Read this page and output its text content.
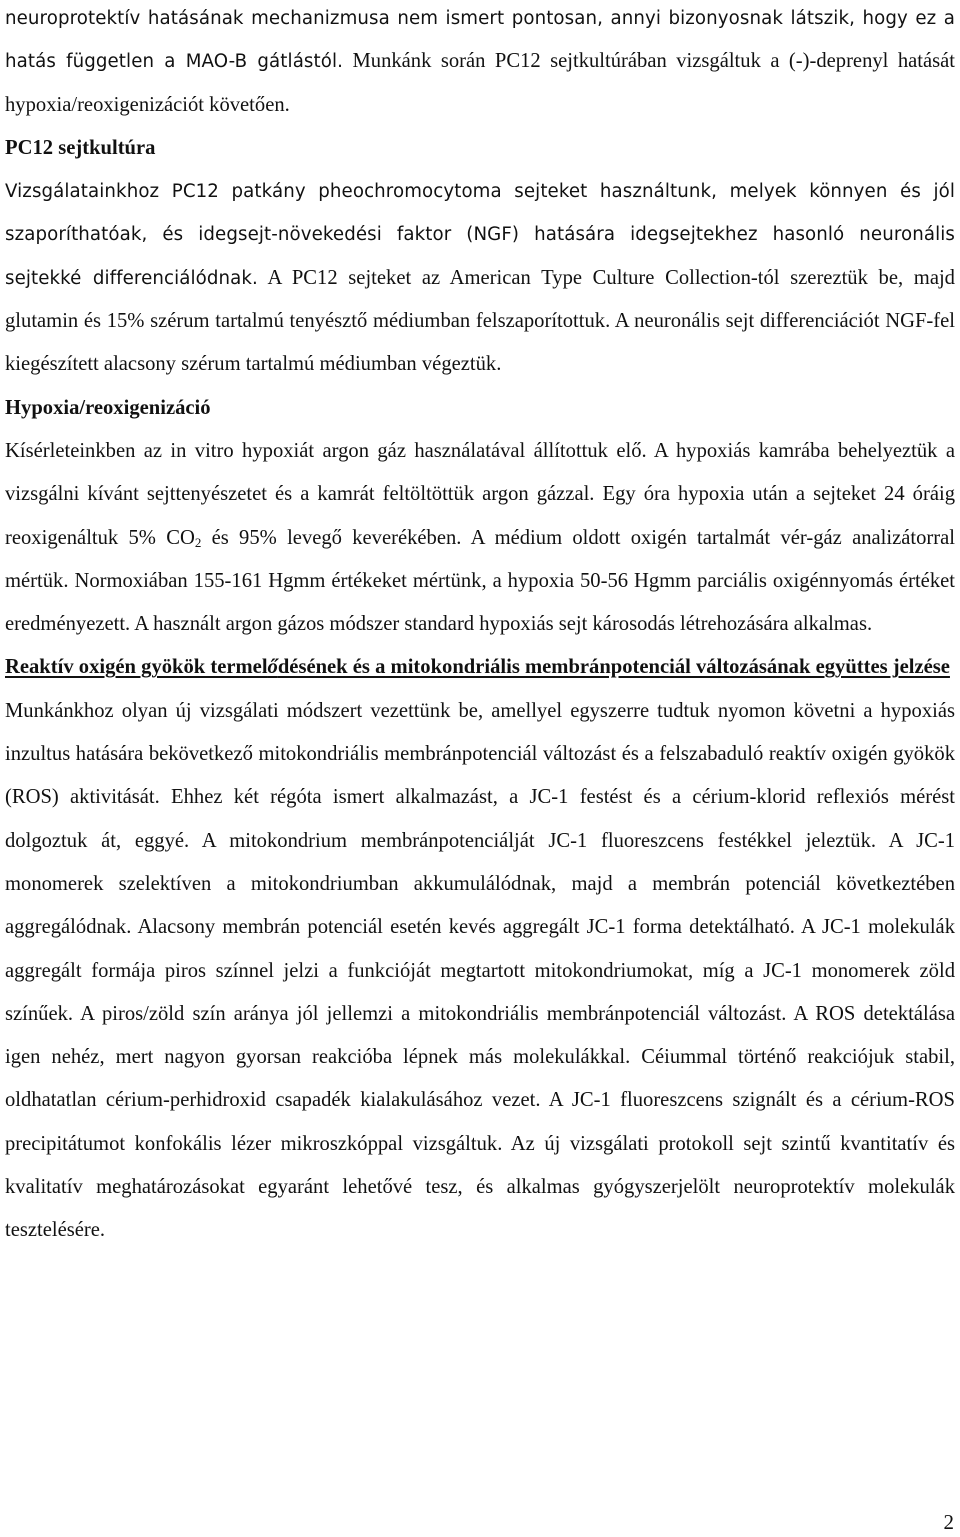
neuroprotektív hatásának mechanizmusa nem ismert pontosan, annyi bizonyosnak látszik, hogy ez a hatás független a MAO-B gátlástól. Munkánk során PC12 sejtkultúrában vizsgáltuk a (-)-deprenyl hatását hypoxia/reoxigenizációt követően.

PC12 sejtkultúra

Vizsgálatainkhoz PC12 patkány pheochromocytoma sejteket használtunk, melyek könnyen és jól szaporíthatóak, és idegsejt-növekedési faktor (NGF) hatására idegsejtekhez hasonló neuronális sejtekké differenciálódnak. A PC12 sejteket az American Type Culture Collection-tól szereztük be, majd glutamin és 15% szérum tartalmú tenyésztő médiumban felszaporítottuk. A neuronális sejt differenciációt NGF-fel kiegészített alacsony szérum tartalmú médiumban végeztük.

Hypoxia/reoxigenizáció

Kísérleteinkben az in vitro hypoxiát argon gáz használatával állítottuk elő. A hypoxiás kamrába behelyeztük a vizsgálni kívánt sejttenyészetet és a kamrát feltöltöttük argon gázzal. Egy óra hypoxia után a sejteket 24 óráig reoxigenáltuk 5% $CO_2$ és 95% levegő keverékében. A médium oldott oxigén tartalmát vér-gáz analizátorral mértük. Normoxiában 155-161 Hgmm értékeket mértünk, a hypoxia 50-56 Hgmm parciális oxigénnyomás értéket eredményezett. A használt argon gázos módszer standard hypoxiás sejt károsodás létrehozására alkalmas.

Reaktív oxigén gyökök termelődésének és a mitokondriális membránpotenciál változásának együttes jelzése

Munkánkhoz olyan új vizsgálati módszert vezettünk be, amellyel egyszerre tudtuk nyomon követni a hypoxiás inzultus hatására bekövetkező mitokondriális membránpotenciál változást és a felszabaduló reaktív oxigén gyökök (ROS) aktivitását. Ehhez két régóta ismert alkalmazást, a JC-1 festést és a cérium-klorid reflexiós mérést dolgoztuk át, eggyé. A mitokondrium membránpotenciálját JC-1 fluoreszcens festékkel jeleztük. A JC-1 monomerek szelektíven a mitokondriumban akkumulálódnak, majd a membrán potenciál következtében aggregálódnak. Alacsony membrán potenciál esetén kevés aggregált JC-1 forma detektálható. A JC-1 molekulák aggregált formája piros színnel jelzi a funkcióját megtartott mitokondriumokat, míg a JC-1 monomerek zöld színűek. A piros/zöld szín aránya jól jellemzi a mitokondriális membránpotenciál változást. A ROS detektálása igen nehéz, mert nagyon gyorsan reakcióba lépnek más molekulákkal. Céiummal történő reakciójuk stabil, oldhatatlan cérium-perhidroxid csapadék kialakulásához vezet. A JC-1 fluoreszcens szignált és a cérium-ROS precipitátumot konfokális lézer mikroszkóppal vizsgáltuk. Az új vizsgálati protokoll sejt szintű kvantitatív és kvalitatív meghatározásokat egyaránt lehetővé tesz, és alkalmas gyógyszerjelölt neuroprotektív molekulák tesztelésére.

2
